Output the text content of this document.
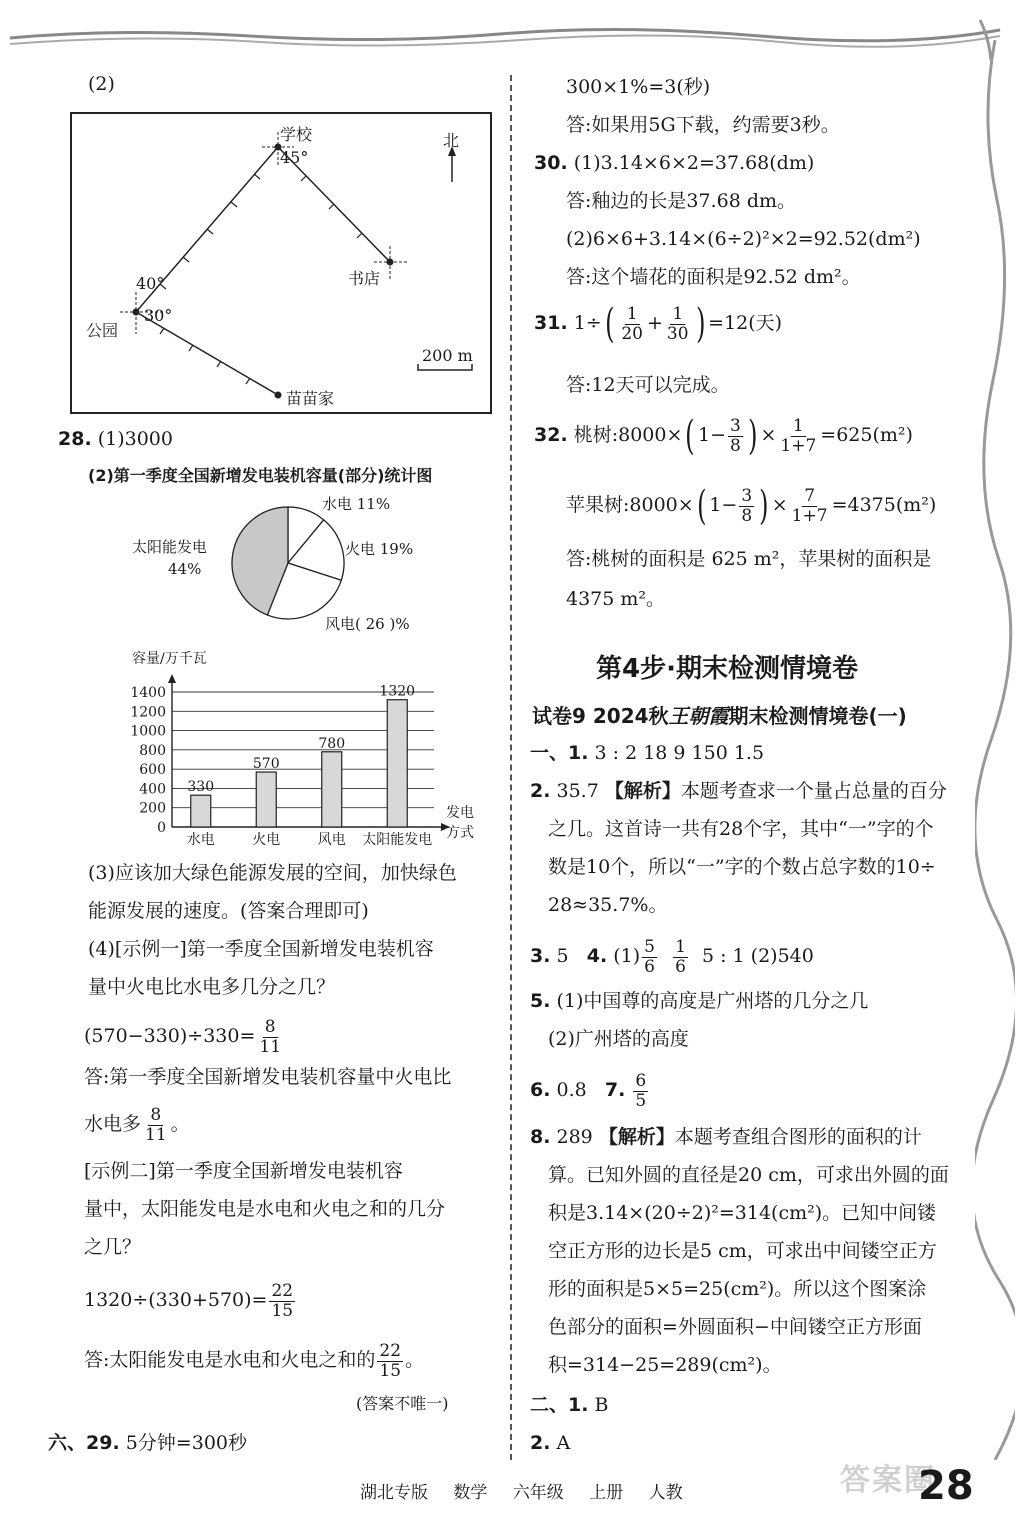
(2)
北
学校
45°
书店
40°
公园
30°
200 m
苗苗家
28. (1)3000
(2)第一季度全国新增发电装机容量(部分)统计图
水电 11%
火电 19%
太阳能发电
44%
风电( 26 )%
容量/万千瓦
0
200
400
600
800
1000
1200
1400
330
水电
570
火电
780
风电
1320
太阳能发电
发电
方式
(3)应该加大绿色能源发展的空间，加快绿色
能源发展的速度。(答案合理即可)
(4)[示例一]第一季度全国新增发电装机容
量中火电比水电多几分之几？
$(570-330)\div 330= \frac{8}{11}$
答:第一季度全国新增发电装机容量中火电比
水电多 $\frac{8}{11}$ 。
[示例二]第一季度全国新增发电装机容
量中，太阳能发电是水电和火电之和的几分
之几？
$1320\div(330+570)= \frac{22}{15}$
答:太阳能发电是水电和火电之和的 $\frac{22}{15}$ 。
(答案不唯一)
六、29. 5分钟=300秒
300×1%=3(秒)
答:如果用5G下载，约需要3秒。
30. (1)3.14×6×2=37.68(dm)
答:釉边的长是37.68 dm。
(2)6×6+3.14×(6÷2)²×2=92.52(dm²)
答:这个墙花的面积是92.52 dm²。
31. $1\div( \frac{1}{20} + \frac{1}{30}$ ) =12(天)
答:12天可以完成。
32. 桃树:8000×( $1- \frac{3}{8}$ ) × $\frac{1}{1+7} =625(m^2)$
苹果树:8000×( $1- \frac{3}{8}$ ) × $\frac{7}{1+7} =4375(m^2)$
答:桃树的面积是 625 m²，苹果树的面积是
4375 m²。
第4步·期末检测情境卷
试卷9 2024秋王朝霞期末检测情境卷(一)
一、1. 3 : 2 18 9 150 1.5
2. 35.7 【解析】本题考查求一个量占总量的百分
之几。这首诗一共有28个字，其中“一”字的个
数是10个，所以“一”字的个数占总字数的10÷
28≈35.7%。
3. 5 4. $(1) \frac{5}{6}$
$\frac{1}{6} 5$ : 1 (2)540
5. (1)中国尊的高度是广州塔的几分之几
(2)广州塔的高度
6. 0.8 7. $\frac{6}{5}$
8. 289 【解析】本题考查组合图形的面积的计
算。已知外圆的直径是20 cm，可求出外圆的面
积是3.14×(20÷2)²=314(cm²)。已知中间镂
空正方形的边长是5 cm，可求出中间镂空正方
形的面积是5×5=25(cm²)。所以这个图案涂
色部分的面积=外圆面积−中间镂空正方形面
积=314−25=289(cm²)。
二、1. B
2. A
湖北专版 数学 六年级 上册 人教	答案圈
28
